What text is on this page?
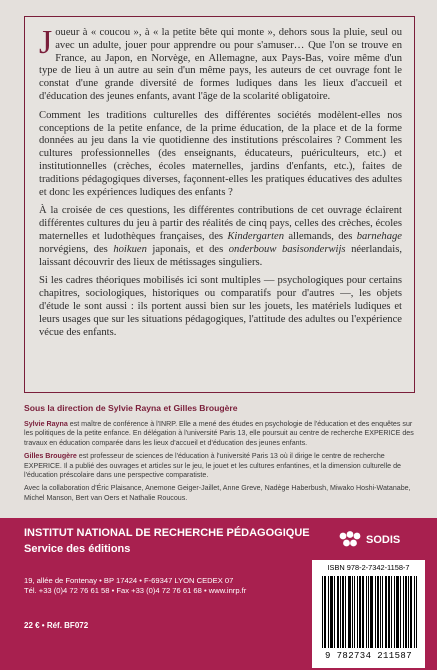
Joueur à « coucou », à « la petite bête qui monte », dehors sous la pluie, seul ou avec un adulte, jouer pour apprendre ou pour s'amuser… Que l'on se trouve en France, au Japon, en Norvège, en Allemagne, aux Pays-Bas, voire même d'un type de lieu à un autre au sein d'un même pays, les auteurs de cet ouvrage font le constat d'une grande diversité de formes ludiques dans les lieux d'accueil et d'éducation des jeunes enfants, avant l'âge de la scolarité obligatoire.

Comment les traditions culturelles des différentes sociétés modèlent-elles nos conceptions de la petite enfance, de la prime éducation, de la place et de la forme données au jeu dans la vie quotidienne des institutions préscolaires ? Comment les cultures professionnelles (des enseignants, éducateurs, puériculteurs, etc.) et institutionnelles (crèches, écoles maternelles, jardins d'enfants, etc.), faites de traditions pédagogiques diverses, façonnent-elles les pratiques éducatives des adultes et donc les expériences ludiques des enfants ?

À la croisée de ces questions, les différentes contributions de cet ouvrage éclairent différentes cultures du jeu à partir des réalités de cinq pays, celles des crèches, écoles maternelles et ludothèques françaises, des Kindergarten allemands, des barnehage norvégiens, des hoikuen japonais, et des onderbouw basisonderwijs néerlandais, laissant découvrir des lieux de métissages singuliers.

Si les cadres théoriques mobilisés ici sont multiples — psychologiques pour certains chapitres, sociologiques, historiques ou comparatifs pour d'autres —, les objets d'étude le sont aussi : ils portent aussi bien sur les jouets, les matériels ludiques et leurs usages que sur les situations pédagogiques, l'attitude des adultes ou l'expérience vécue des enfants.

Sous la direction de Sylvie Rayna et Gilles Brougère

Sylvie Rayna est maître de conférence à l'INRP. Elle a mené des études en psychologie de l'éducation et des enquêtes sur les politiques de la petite enfance. En délégation à l'université Paris 13, elle poursuit au centre de recherche EXPERICE des travaux en éducation comparée dans les lieux d'accueil et d'éducation des jeunes enfants.

Gilles Brougère est professeur de sciences de l'éducation à l'université Paris 13 où il dirige le centre de recherche EXPERICE. Il a publié des ouvrages et articles sur le jeu, le jouet et les cultures enfantines, et la dimension culturelle de l'éducation préscolaire dans une perspective comparatiste.

Avec la collaboration d'Éric Plaisance, Anemone Geiger-Jaillet, Anne Greve, Nadège Haberbush, Miwako Hoshi-Watanabe, Michel Manson, Bert van Oers et Nathalie Roucous.

INSTITUT NATIONAL DE RECHERCHE PÉDAGOGIQUE
Service des éditions
19, allée de Fontenay • BP 17424 • F-69347 LYON CEDEX 07
Tél. +33 (0)4 72 76 61 58 • Fax +33 (0)4 72 76 61 68 • www.inrp.fr
22 € • Réf. BF072
SODIS
ISBN 978-2-7342-1158-7
9 782734 211587
